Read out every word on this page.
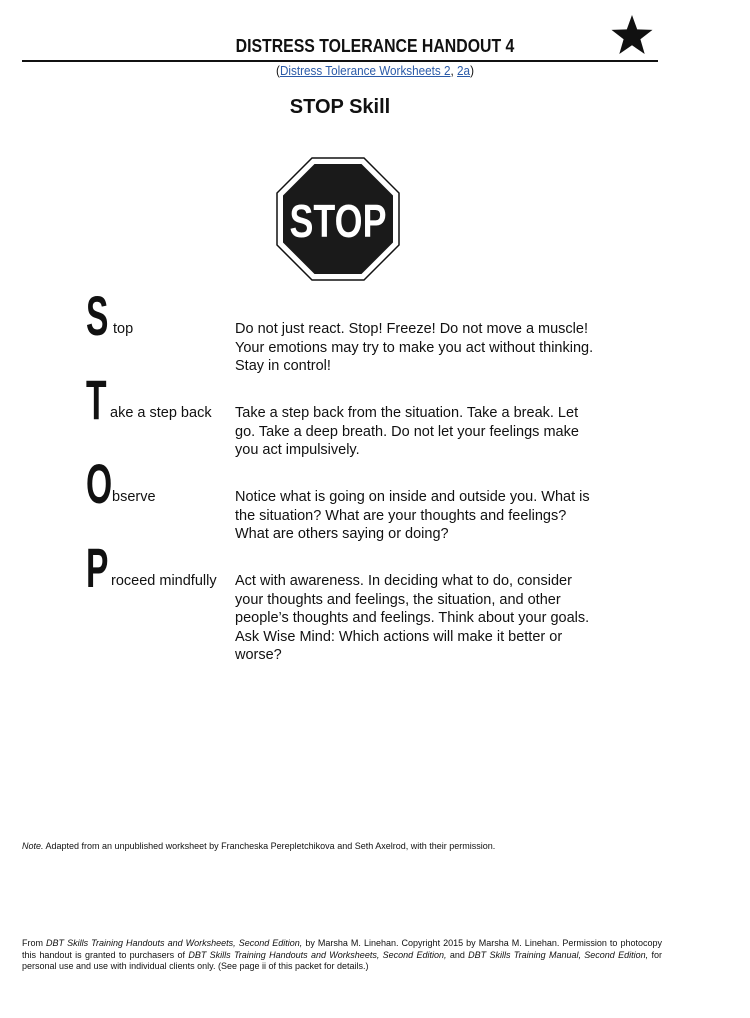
DISTRESS TOLERANCE HANDOUT 4
(Distress Tolerance Worksheets 2, 2a)
STOP Skill
STOP
S top	Do not just react. Stop! Freeze! Do not move a muscle! Your emotions may try to make you act without thinking. Stay in control!
T ake a step back Take a step back from the situation. Take a break. Let go. Take a deep breath. Do not let your feelings make you act impulsively.
O bserve	Notice what is going on inside and outside you. What is the situation? What are your thoughts and feelings? What are others saying or doing?
P roceed mindfully Act with awareness. In deciding what to do, consider your thoughts and feelings, the situation, and other people’s thoughts and feelings. Think about your goals. Ask Wise Mind: Which actions will make it better or worse?
Note. Adapted from an unpublished worksheet by Francheska Perepletchikova and Seth Axelrod, with their permission.
From DBT Skills Training Handouts and Worksheets, Second Edition, by Marsha M. Linehan. Copyright 2015 by Marsha M. Linehan. Permission to photocopy this handout is granted to purchasers of DBT Skills Training Handouts and Worksheets, Second Edition, and DBT Skills Training Manual, Second Edition, for personal use and use with individual clients only. (See page ii of this packet for details.)
